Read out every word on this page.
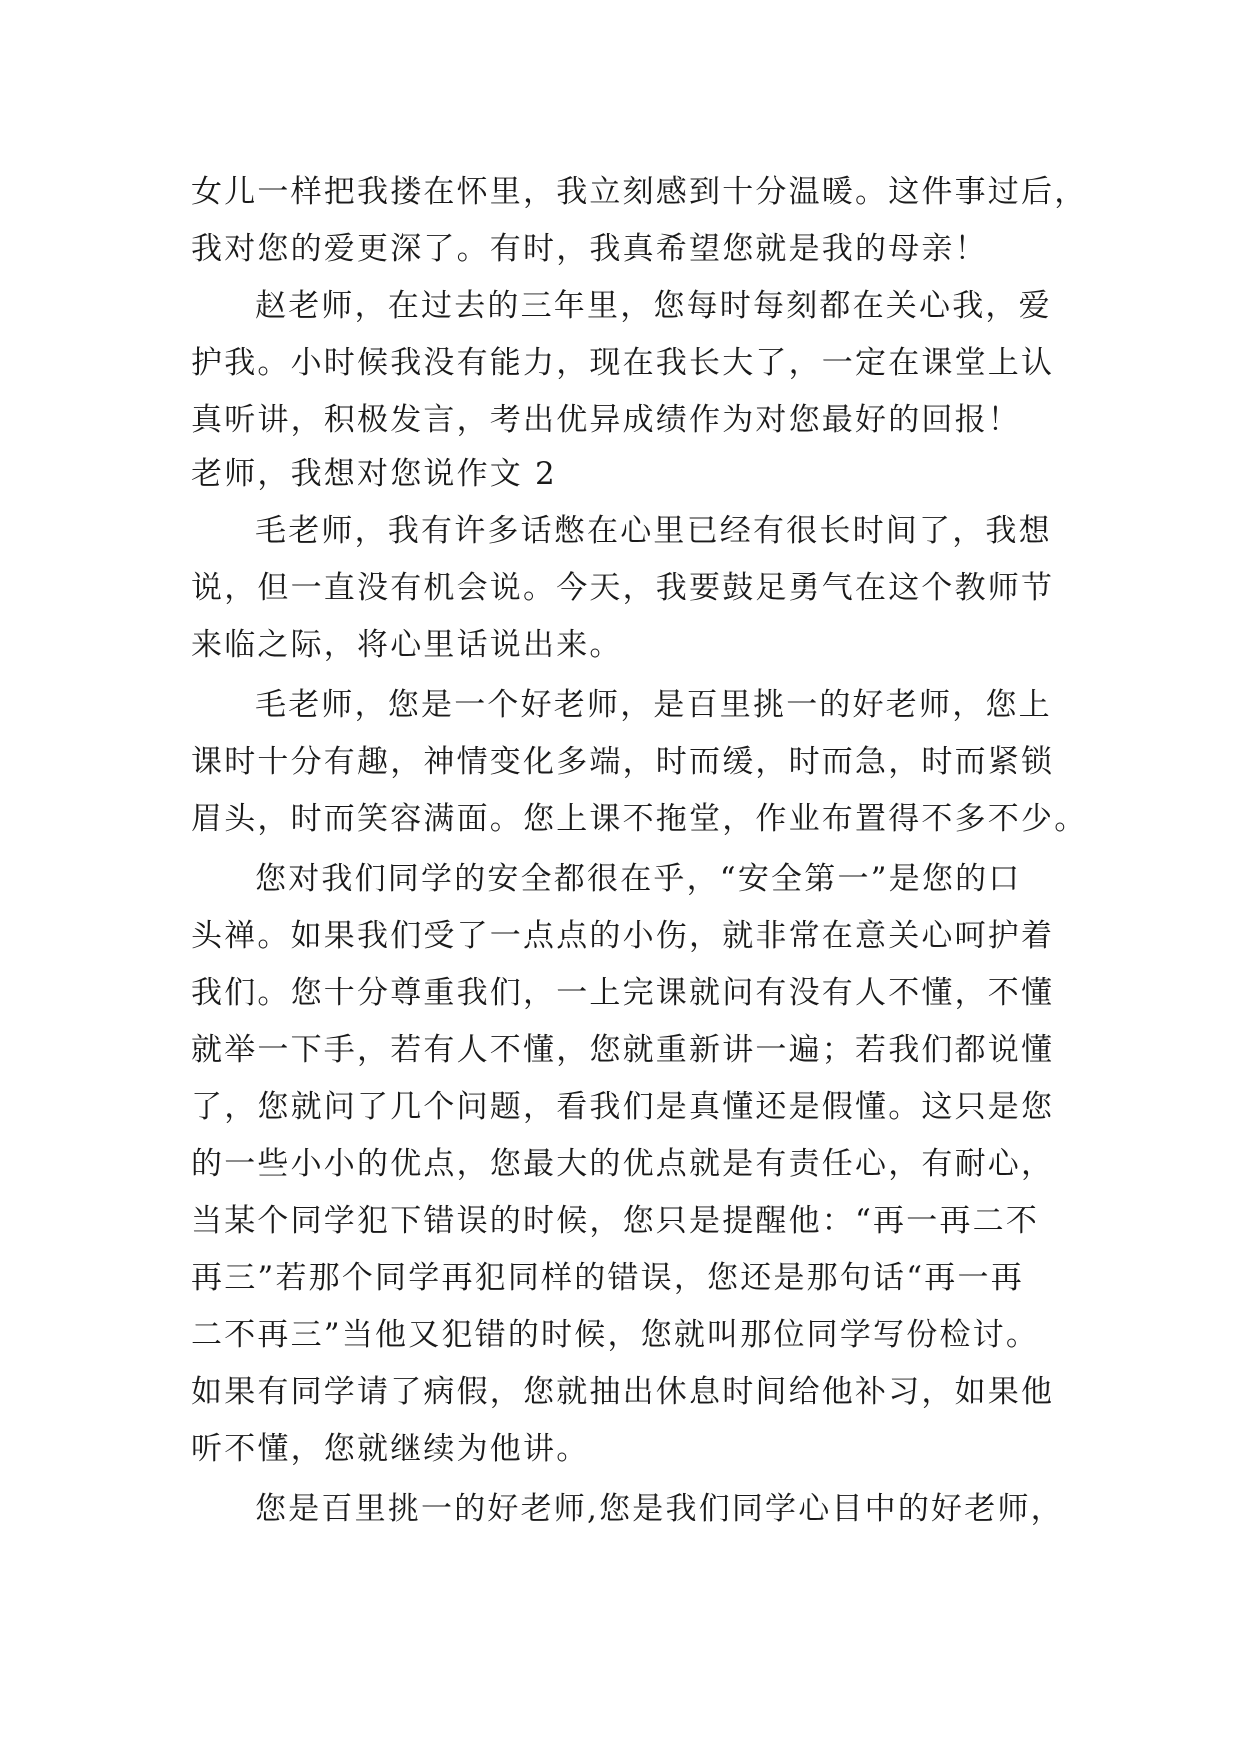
女儿一样把我搂在怀里，我立刻感到十分温暖。这件事过后，
我对您的爱更深了。有时，我真希望您就是我的母亲！
赵老师，在过去的三年里，您每时每刻都在关心我，爱
护我。小时候我没有能力，现在我长大了，一定在课堂上认
真听讲，积极发言，考出优异成绩作为对您最好的回报！
老师，我想对您说作文 2
毛老师，我有许多话憋在心里已经有很长时间了，我想
说，但一直没有机会说。今天，我要鼓足勇气在这个教师节
来临之际，将心里话说出来。
毛老师，您是一个好老师，是百里挑一的好老师，您上
课时十分有趣，神情变化多端，时而缓，时而急，时而紧锁
眉头，时而笑容满面。您上课不拖堂，作业布置得不多不少。
您对我们同学的安全都很在乎，“安全第一”是您的口
头禅。如果我们受了一点点的小伤，就非常在意关心呵护着
我们。您十分尊重我们，一上完课就问有没有人不懂，不懂
就举一下手，若有人不懂，您就重新讲一遍；若我们都说懂
了，您就问了几个问题，看我们是真懂还是假懂。这只是您
的一些小小的优点，您最大的优点就是有责任心，有耐心，
当某个同学犯下错误的时候，您只是提醒他：“再一再二不
再三”若那个同学再犯同样的错误，您还是那句话“再一再
二不再三”当他又犯错的时候，您就叫那位同学写份检讨。
如果有同学请了病假，您就抽出休息时间给他补习，如果他
听不懂，您就继续为他讲。
您是百里挑一的好老师,您是我们同学心目中的好老师，
